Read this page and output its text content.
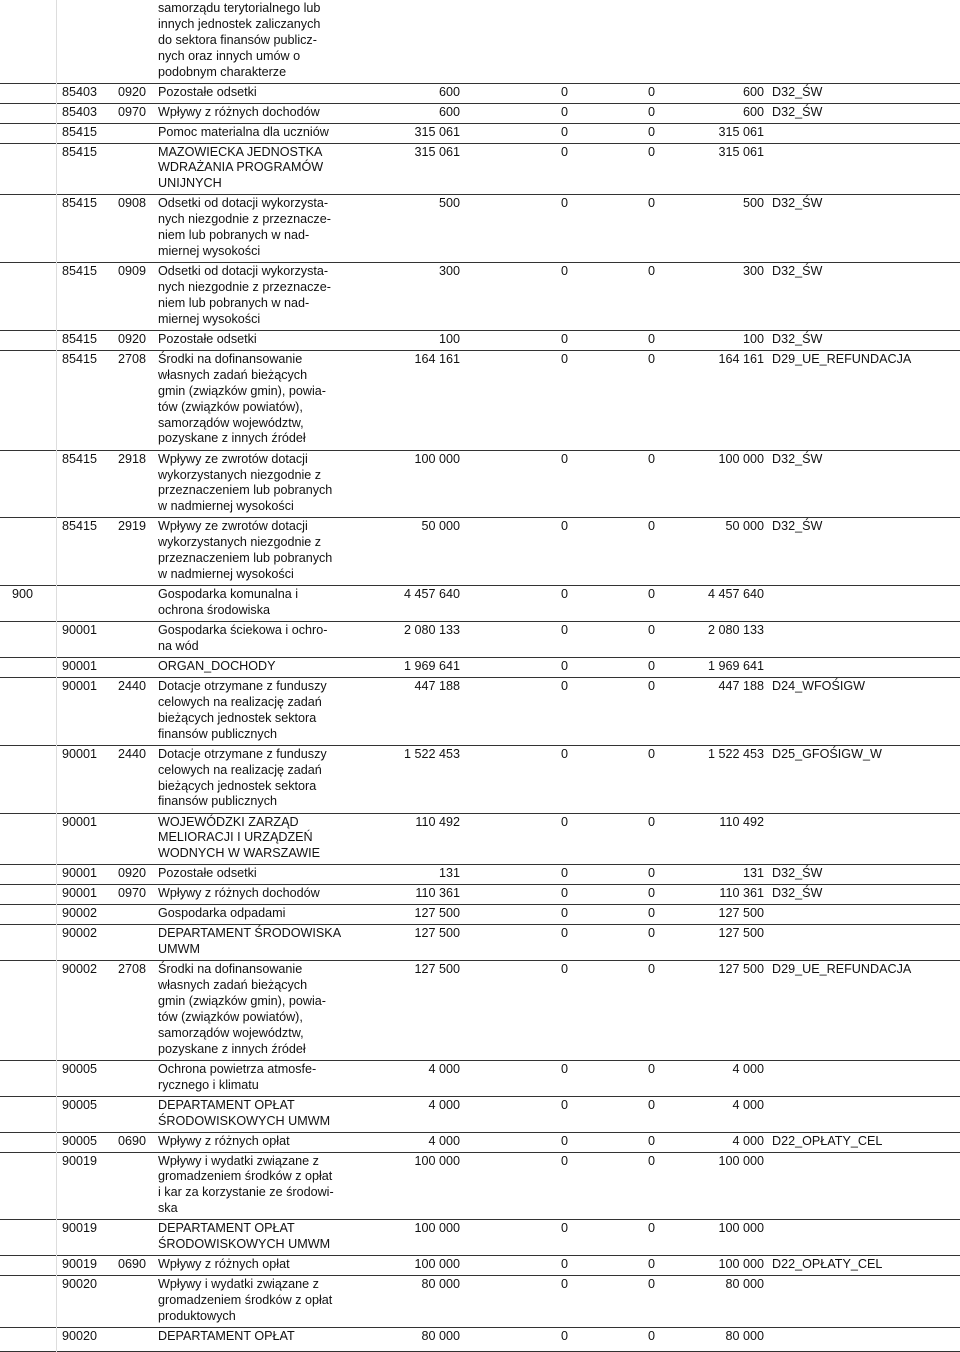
samorządu terytorialnego lub
innych jednostek zaliczanych
do sektora finansów publicz-
nych oraz innych umów o
podobnym charakterze
85403 0920 Pozostałe odsetki	600	0	0	600 D32_ŚW
85403 0970 Wpływy z różnych dochodów	600	0	0	600 D32_ŚW
85415	Pomoc materialna dla uczniów	315 061	0	0	315 061
85415	MAZOWIECKA JEDNOSTKA
WDRAŻANIA PROGRAMÓW
UNIJNYCH
315 061	0	0	315 061
85415 0908 Odsetki od dotacji wykorzysta-
nych niezgodnie z przeznacze-
niem lub pobranych w nad-
miernej wysokości
500	0	0	500 D32_ŚW
85415 0909 Odsetki od dotacji wykorzysta-
nych niezgodnie z przeznacze-
niem lub pobranych w nad-
miernej wysokości
300	0	0	300 D32_ŚW
85415 0920 Pozostałe odsetki	100	0	0	100 D32_ŚW
85415 2708 Środki na dofinansowanie
własnych zadań bieżących
gmin (związków gmin), powia-
tów (związków powiatów),
samorządów województw,
pozyskane z innych źródeł
164 161	0	0	164 161 D29_UE_REFUNDACJA
85415 2918 Wpływy ze zwrotów dotacji
wykorzystanych niezgodnie z
przeznaczeniem lub pobranych
w nadmiernej wysokości
100 000	0	0	100 000 D32_ŚW
85415 2919 Wpływy ze zwrotów dotacji
wykorzystanych niezgodnie z
przeznaczeniem lub pobranych
w nadmiernej wysokości
50 000	0	0	50 000 D32_ŚW
900	Gospodarka komunalna i
ochrona środowiska
4 457 640	0	0	4 457 640
90001	Gospodarka ściekowa i ochro-
na wód
2 080 133	0	0	2 080 133
90001	ORGAN_DOCHODY	1 969 641	0	0	1 969 641
90001 2440 Dotacje otrzymane z funduszy
celowych na realizację zadań
bieżących jednostek sektora
finansów publicznych
447 188	0	0	447 188 D24_WFOŚIGW
90001 2440 Dotacje otrzymane z funduszy
celowych na realizację zadań
bieżących jednostek sektora
finansów publicznych
1 522 453	0	0	1 522 453 D25_GFOŚIGW_W
90001	WOJEWÓDZKI ZARZĄD
MELIORACJI I URZĄDZEŃ
WODNYCH W WARSZAWIE
110 492	0	0	110 492
90001 0920 Pozostałe odsetki	131	0	0	131 D32_ŚW
90001 0970 Wpływy z różnych dochodów	110 361	0	0	110 361 D32_ŚW
90002	Gospodarka odpadami	127 500	0	0	127 500
90002	DEPARTAMENT ŚRODOWISKA
UMWM
127 500	0	0	127 500
90002 2708 Środki na dofinansowanie
własnych zadań bieżących
gmin (związków gmin), powia-
tów (związków powiatów),
samorządów województw,
pozyskane z innych źródeł
127 500	0	0	127 500 D29_UE_REFUNDACJA
90005	Ochrona powietrza atmosfe-
rycznego i klimatu
4 000	0	0	4 000
90005	DEPARTAMENT OPŁAT
ŚRODOWISKOWYCH UMWM
4 000	0	0	4 000
90005 0690 Wpływy z różnych opłat	4 000	0	0	4 000 D22_OPŁATY_CEL
90019	Wpływy i wydatki związane z
gromadzeniem środków z opłat
i kar za korzystanie ze środowi-
ska
100 000	0	0	100 000
90019	DEPARTAMENT OPŁAT
ŚRODOWISKOWYCH UMWM
100 000	0	0	100 000
90019 0690 Wpływy z różnych opłat	100 000	0	0	100 000 D22_OPŁATY_CEL
90020	Wpływy i wydatki związane z
gromadzeniem środków z opłat
produktowych
80 000	0	0	80 000
90020	DEPARTAMENT OPŁAT	80 000	0	0	80 000
